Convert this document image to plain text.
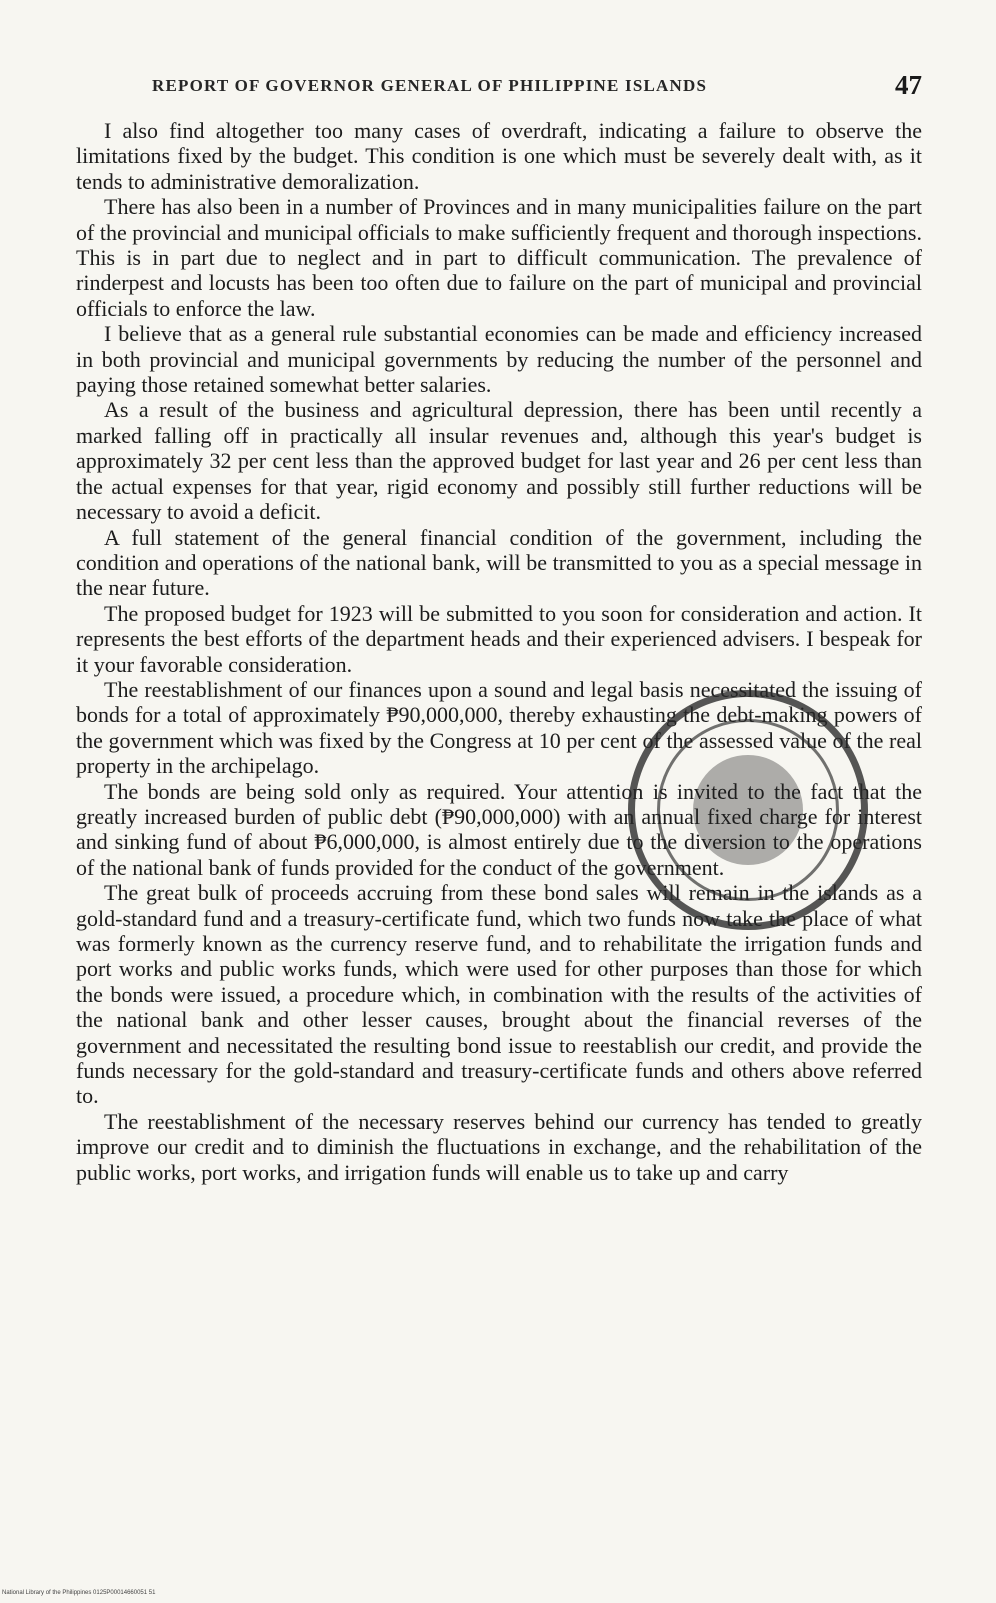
REPORT OF GOVERNOR GENERAL OF PHILIPPINE ISLANDS	47

I also find altogether too many cases of overdraft, indicating a failure to observe the limitations fixed by the budget. This condition is one which must be severely dealt with, as it tends to administrative demoralization.

There has also been in a number of Provinces and in many municipalities failure on the part of the provincial and municipal officials to make sufficiently frequent and thorough inspections. This is in part due to neglect and in part to difficult communication. The prevalence of rinderpest and locusts has been too often due to failure on the part of municipal and provincial officials to enforce the law.

I believe that as a general rule substantial economies can be made and efficiency increased in both provincial and municipal governments by reducing the number of the personnel and paying those retained somewhat better salaries.

As a result of the business and agricultural depression, there has been until recently a marked falling off in practically all insular revenues and, although this year's budget is approximately 32 per cent less than the approved budget for last year and 26 per cent less than the actual expenses for that year, rigid economy and possibly still further reductions will be necessary to avoid a deficit.

A full statement of the general financial condition of the government, including the condition and operations of the national bank, will be transmitted to you as a special message in the near future.

The proposed budget for 1923 will be submitted to you soon for consideration and action. It represents the best efforts of the department heads and their experienced advisers. I bespeak for it your favorable consideration.

The reestablishment of our finances upon a sound and legal basis necessitated the issuing of bonds for a total of approximately ₱90,000,000, thereby exhausting the debt-making powers of the government which was fixed by the Congress at 10 per cent of the assessed value of the real property in the archipelago.

The bonds are being sold only as required. Your attention is invited to the fact that the greatly increased burden of public debt (₱90,000,000) with an annual fixed charge for interest and sinking fund of about ₱6,000,000, is almost entirely due to the diversion to the operations of the national bank of funds provided for the conduct of the government.

The great bulk of proceeds accruing from these bond sales will remain in the islands as a gold-standard fund and a treasury-certificate fund, which two funds now take the place of what was formerly known as the currency reserve fund, and to rehabilitate the irrigation funds and port works and public works funds, which were used for other purposes than those for which the bonds were issued, a procedure which, in combination with the results of the activities of the national bank and other lesser causes, brought about the financial reverses of the government and necessitated the resulting bond issue to reestablish our credit, and provide the funds necessary for the gold-standard and treasury-certificate funds and others above referred to.

The reestablishment of the necessary reserves behind our currency has tended to greatly improve our credit and to diminish the fluctuations in exchange, and the rehabilitation of the public works, port works, and irrigation funds will enable us to take up and carry

National Library of the Philippines 0125P00014660051 51
